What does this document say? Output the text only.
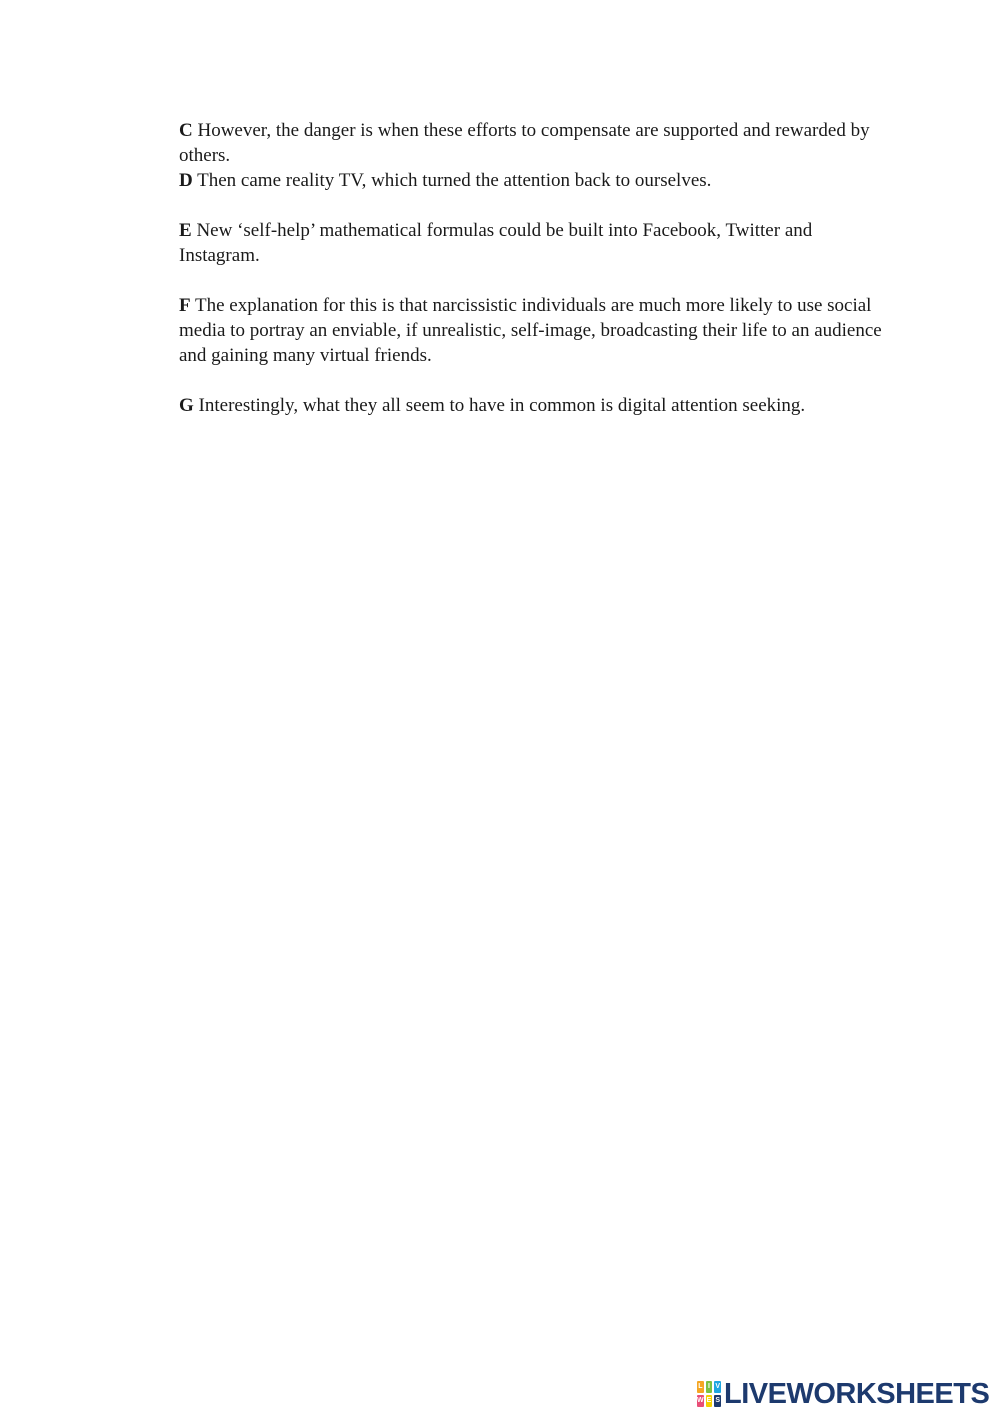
C However, the danger is when these efforts to compensate are supported and rewarded by others.

D Then came reality TV, which turned the attention back to ourselves.

E New ‘self-help’ mathematical formulas could be built into Facebook, Twitter and Instagram.

F The explanation for this is that narcissistic individuals are much more likely to use social media to portray an enviable, if unrealistic, self-image, broadcasting their life to an audience and gaining many virtual friends.

G Interestingly, what they all seem to have in common is digital attention seeking.

L I V
W E S LIVEWORKSHEETS
